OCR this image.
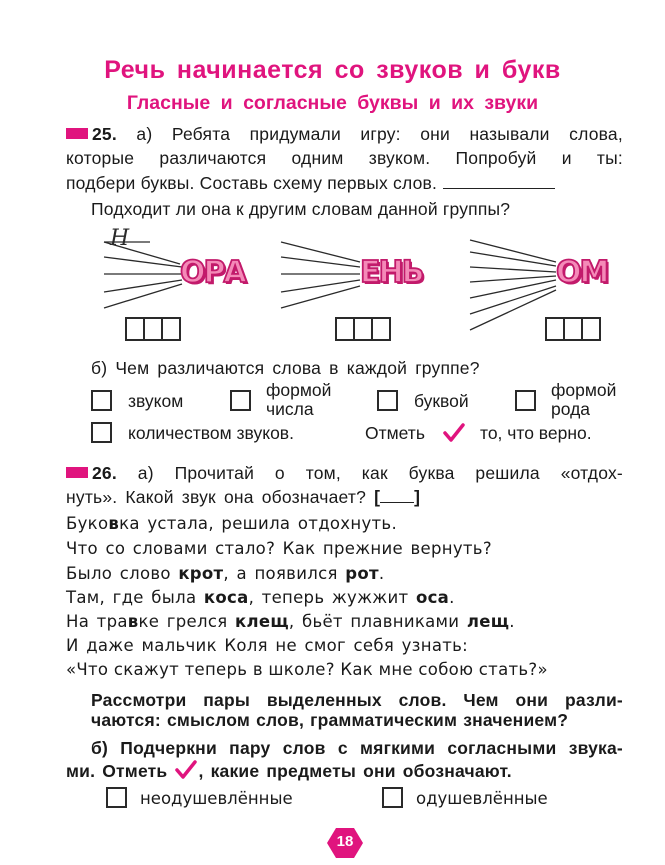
Речь начинается со звуков и букв
Гласные и согласные буквы и их звуки
25. а) Ребята придумали игру: они называли слова,
которые различаются одним звуком. Попробуй и ты:
подбери буквы. Составь схему первых слов.
Подходит ли она к другим словам данной группы?
Н
ОРА	ЕНЬ	ОМ
б) Чем различаются слова в каждой группе?
звуком
формой
числа	буквой
формой
рода
количеством звуков.	Отметь	то, что верно.
26. а) Прочитай о том, как буква решила «отдох-
нуть». Какой звук она обозначает? [ ]
Буковка устала, решила отдохнуть.
Что со словами стало? Как прежние вернуть?
Было слово крот, а появился рот.
Там, где была коса, теперь жужжит оса.
На травке грелся клещ, бьёт плавниками лещ.
И даже мальчик Коля не смог себя узнать:
«Что скажут теперь в школе? Как мне собою стать?»
Рассмотри пары выделенных слов. Чем они разли-
чаются: смыслом слов, грамматическим значением?
б) Подчеркни пару слов с мягкими согласными звука-
ми. Отметь , какие предметы они обозначают.
неодушевлённые	одушевлённые
18
